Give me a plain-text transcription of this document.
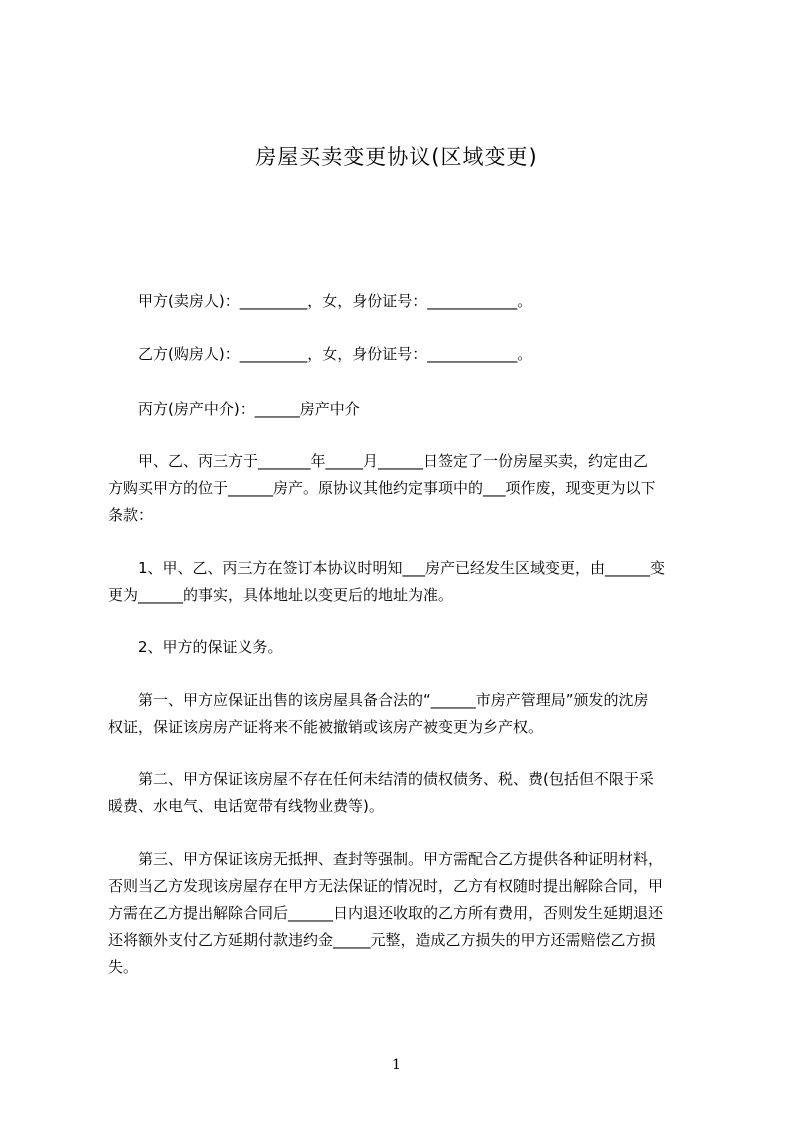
房屋买卖变更协议(区域变更)
甲方(卖房人)：_________，女，身份证号：____________。
乙方(购房人)：_________，女，身份证号：____________。
丙方(房产中介)：______房产中介
甲、乙、丙三方于_______年_____月______日签定了一份房屋买卖，约定由乙
方购买甲方的位于______房产。原协议其他约定事项中的___项作废，现变更为以下
条款：
1、甲、乙、丙三方在签订本协议时明知___房产已经发生区域变更，由______变
更为______的事实，具体地址以变更后的地址为准。
2、甲方的保证义务。
第一、甲方应保证出售的该房屋具备合法的“______市房产管理局”颁发的沈房
权证，保证该房房产证将来不能被撤销或该房产被变更为乡产权。
第二、甲方保证该房屋不存在任何未结清的债权债务、税、费(包括但不限于采
暖费、水电气、电话宽带有线物业费等)。
第三、甲方保证该房无抵押、查封等强制。甲方需配合乙方提供各种证明材料，
否则当乙方发现该房屋存在甲方无法保证的情况时，乙方有权随时提出解除合同，甲
方需在乙方提出解除合同后______日内退还收取的乙方所有费用，否则发生延期退还
还将额外支付乙方延期付款违约金_____元整，造成乙方损失的甲方还需赔偿乙方损
失。
1
